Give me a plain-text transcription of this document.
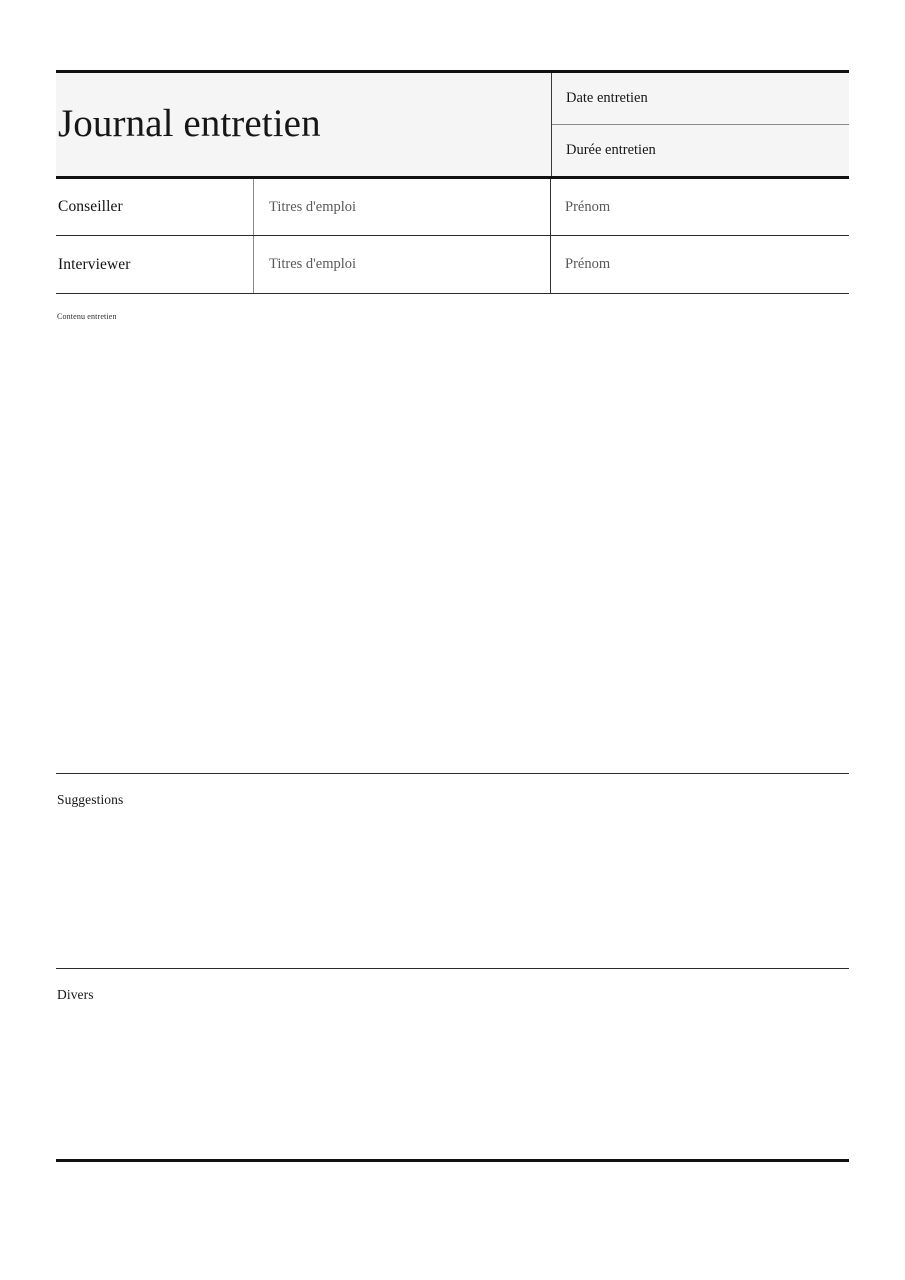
Journal entretien
Date entretien
Durée entretien
Conseiller	Titres d'emploi	Prénom
Interviewer	Titres d'emploi	Prénom
Contenu entretien
Suggestions
Divers
